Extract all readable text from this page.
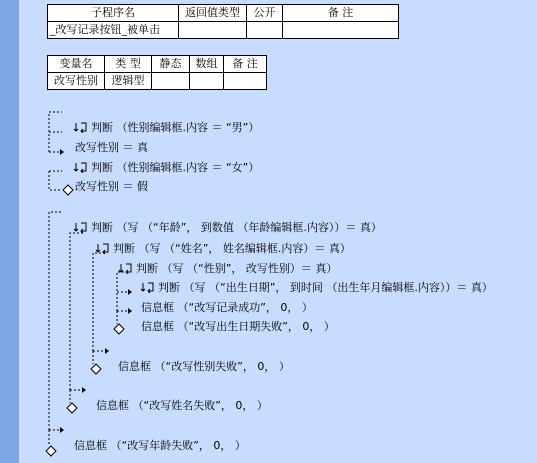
子程序名	返回值类型	公开	备 注
_改写记录按钮_被单击			
变量名	类 型	静态	数组	备 注
改写性别	逻辑型			

判断 （性别编辑框.内容 ＝ “男”）

改写性别 ＝ 真

判断 （性别编辑框.内容 ＝ “女”）

改写性别 ＝ 假

判断 （写 （“年龄”， 到数值 （年龄编辑框.内容））＝ 真）

判断 （写 （“姓名”， 姓名编辑框.内容）＝ 真）

判断 （写 （“性别”， 改写性别）＝ 真）

判断 （写 （“出生日期”， 到时间 （出生年月编辑框.内容））＝ 真）

信息框 （“改写记录成功”， 0， ）

信息框 （“改写出生日期失败”， 0， ）

信息框 （“改写性别失败”， 0， ）

信息框 （“改写姓名失败”， 0， ）

信息框 （“改写年龄失败”， 0， ）
